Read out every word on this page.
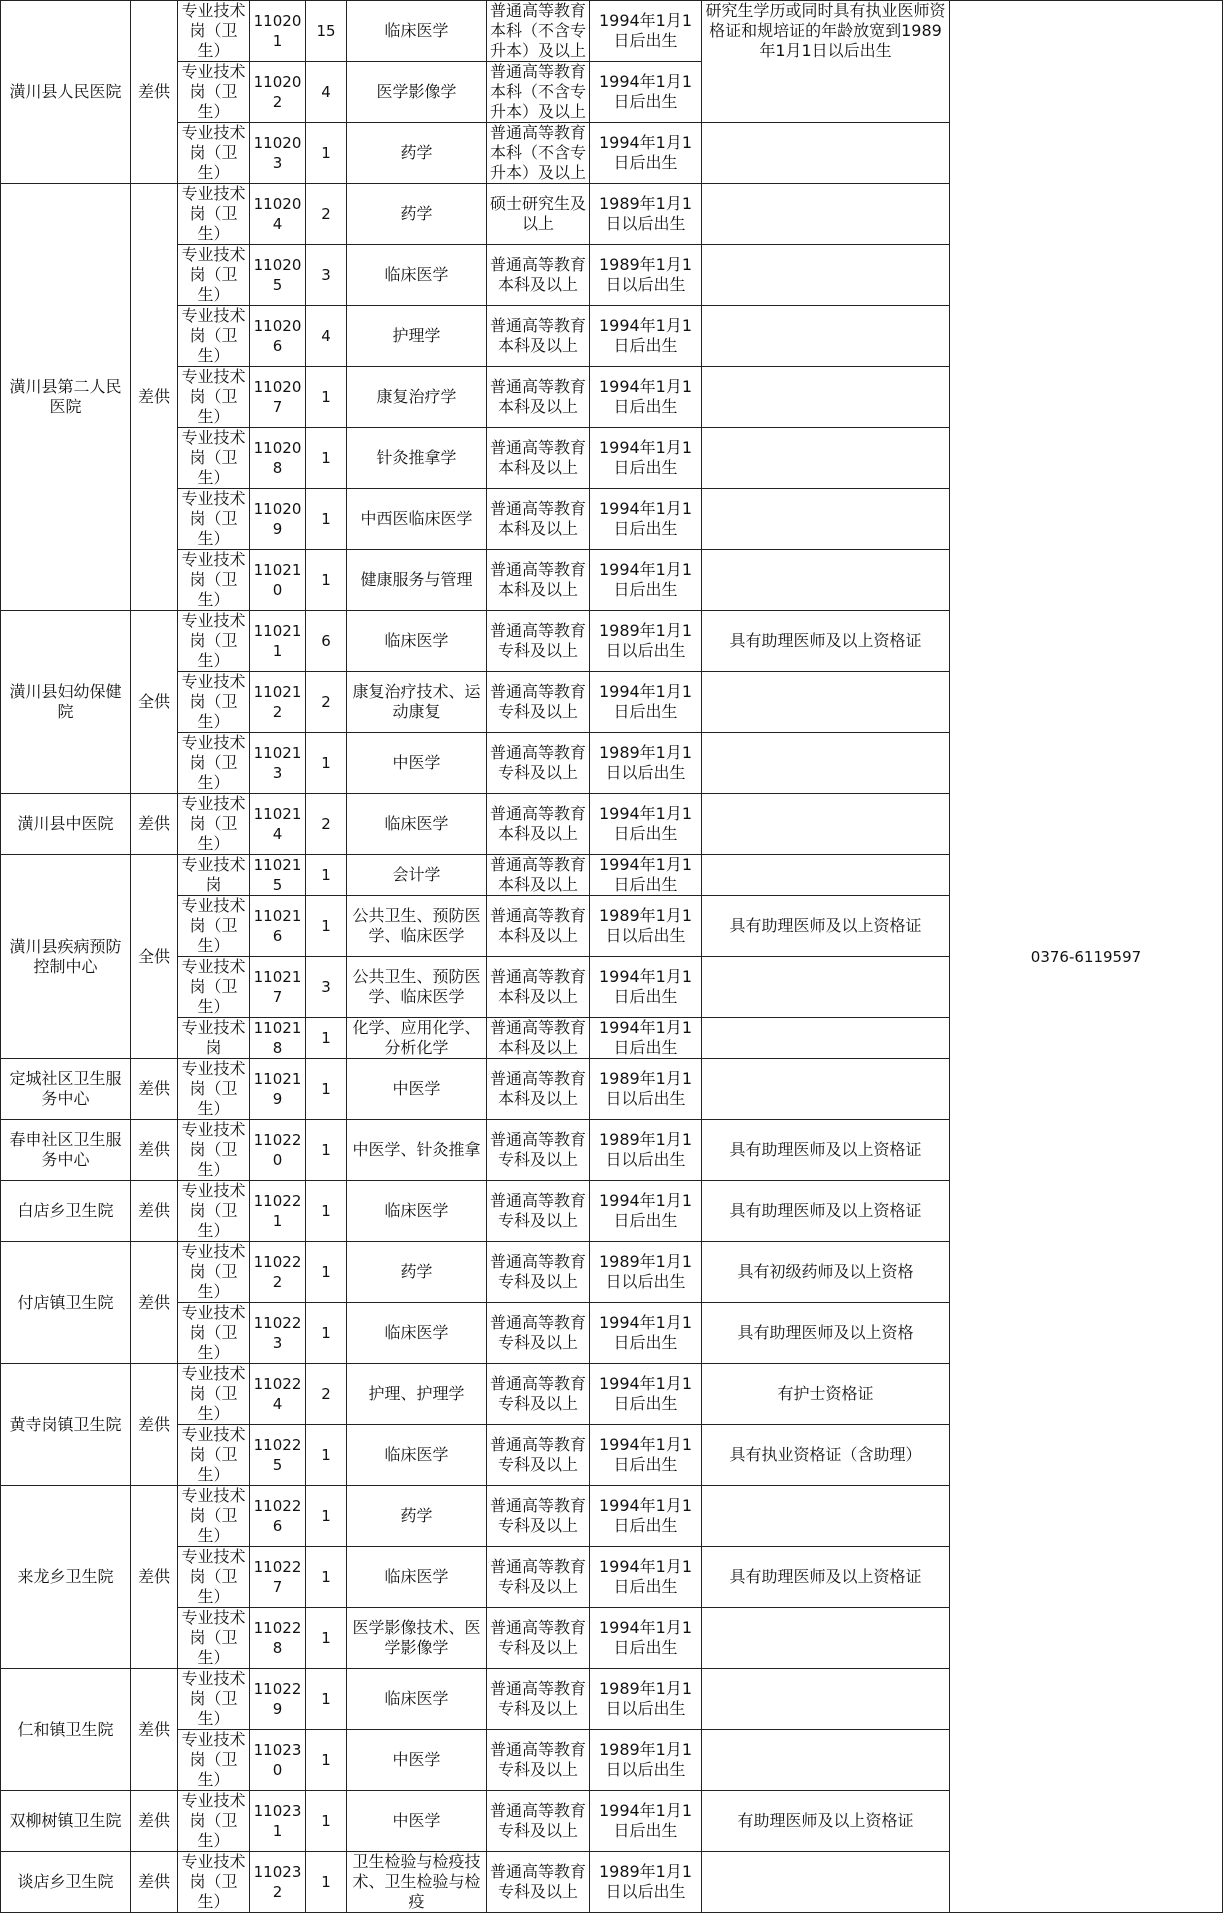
潢川县人民医院	差供	专业技术岗（卫生）	110201	15	临床医学	普通高等教育本科（不含专升本）及以上	1994年1月1日后出生	研究生学历或同时具有执业医师资格证和规培证的年龄放宽到1989年1月1日以后出生	0376-6119597
		专业技术岗（卫生）	110202	4	医学影像学	普通高等教育本科（不含专升本）及以上	1994年1月1日后出生		
		专业技术岗（卫生）	110203	1	药学	普通高等教育本科（不含专升本）及以上	1994年1月1日后出生		
潢川县第二人民医院	差供	专业技术岗（卫生）	110204	2	药学	硕士研究生及以上	1989年1月1日以后出生		
		专业技术岗（卫生）	110205	3	临床医学	普通高等教育本科及以上	1989年1月1日以后出生		
		专业技术岗（卫生）	110206	4	护理学	普通高等教育本科及以上	1994年1月1日后出生		
		专业技术岗（卫生）	110207	1	康复治疗学	普通高等教育本科及以上	1994年1月1日后出生		
		专业技术岗（卫生）	110208	1	针灸推拿学	普通高等教育本科及以上	1994年1月1日后出生		
		专业技术岗（卫生）	110209	1	中西医临床医学	普通高等教育本科及以上	1994年1月1日后出生		
		专业技术岗（卫生）	110210	1	健康服务与管理	普通高等教育本科及以上	1994年1月1日后出生		
潢川县妇幼保健院	全供	专业技术岗（卫生）	110211	6	临床医学	普通高等教育专科及以上	1989年1月1日以后出生	具有助理医师及以上资格证	
		专业技术岗（卫生）	110212	2	康复治疗技术、运动康复	普通高等教育专科及以上	1994年1月1日后出生		
		专业技术岗（卫生）	110213	1	中医学	普通高等教育专科及以上	1989年1月1日以后出生		
潢川县中医院	差供	专业技术岗（卫生）	110214	2	临床医学	普通高等教育本科及以上	1994年1月1日后出生		
潢川县疾病预防控制中心	全供	专业技术岗	110215	1	会计学	普通高等教育本科及以上	1994年1月1日后出生		
		专业技术岗（卫生）	110216	1	公共卫生、预防医学、临床医学	普通高等教育本科及以上	1989年1月1日以后出生	具有助理医师及以上资格证	
		专业技术岗（卫生）	110217	3	公共卫生、预防医学、临床医学	普通高等教育本科及以上	1994年1月1日后出生		
		专业技术岗	110218	1	化学、应用化学、分析化学	普通高等教育本科及以上	1994年1月1日后出生		
定城社区卫生服务中心	差供	专业技术岗（卫生）	110219	1	中医学	普通高等教育本科及以上	1989年1月1日以后出生		
春申社区卫生服务中心	差供	专业技术岗（卫生）	110220	1	中医学、针灸推拿	普通高等教育专科及以上	1989年1月1日以后出生	具有助理医师及以上资格证	
白店乡卫生院	差供	专业技术岗（卫生）	110221	1	临床医学	普通高等教育专科及以上	1994年1月1日后出生	具有助理医师及以上资格证	
付店镇卫生院	差供	专业技术岗（卫生）	110222	1	药学	普通高等教育专科及以上	1989年1月1日以后出生	具有初级药师及以上资格	
		专业技术岗（卫生）	110223	1	临床医学	普通高等教育专科及以上	1994年1月1日后出生	具有助理医师及以上资格	
黄寺岗镇卫生院	差供	专业技术岗（卫生）	110224	2	护理、护理学	普通高等教育专科及以上	1994年1月1日后出生	有护士资格证	
		专业技术岗（卫生）	110225	1	临床医学	普通高等教育专科及以上	1994年1月1日后出生	具有执业资格证（含助理）	
来龙乡卫生院	差供	专业技术岗（卫生）	110226	1	药学	普通高等教育专科及以上	1994年1月1日后出生		
		专业技术岗（卫生）	110227	1	临床医学	普通高等教育专科及以上	1994年1月1日后出生	具有助理医师及以上资格证	
		专业技术岗（卫生）	110228	1	医学影像技术、医学影像学	普通高等教育专科及以上	1994年1月1日后出生		
仁和镇卫生院	差供	专业技术岗（卫生）	110229	1	临床医学	普通高等教育专科及以上	1989年1月1日以后出生		
		专业技术岗（卫生）	110230	1	中医学	普通高等教育专科及以上	1989年1月1日以后出生		
双柳树镇卫生院	差供	专业技术岗（卫生）	110231	1	中医学	普通高等教育专科及以上	1994年1月1日后出生	有助理医师及以上资格证	
谈店乡卫生院	差供	专业技术岗（卫生）	110232	1	卫生检验与检疫技术、卫生检验与检疫	普通高等教育专科及以上	1989年1月1日以后出生		
